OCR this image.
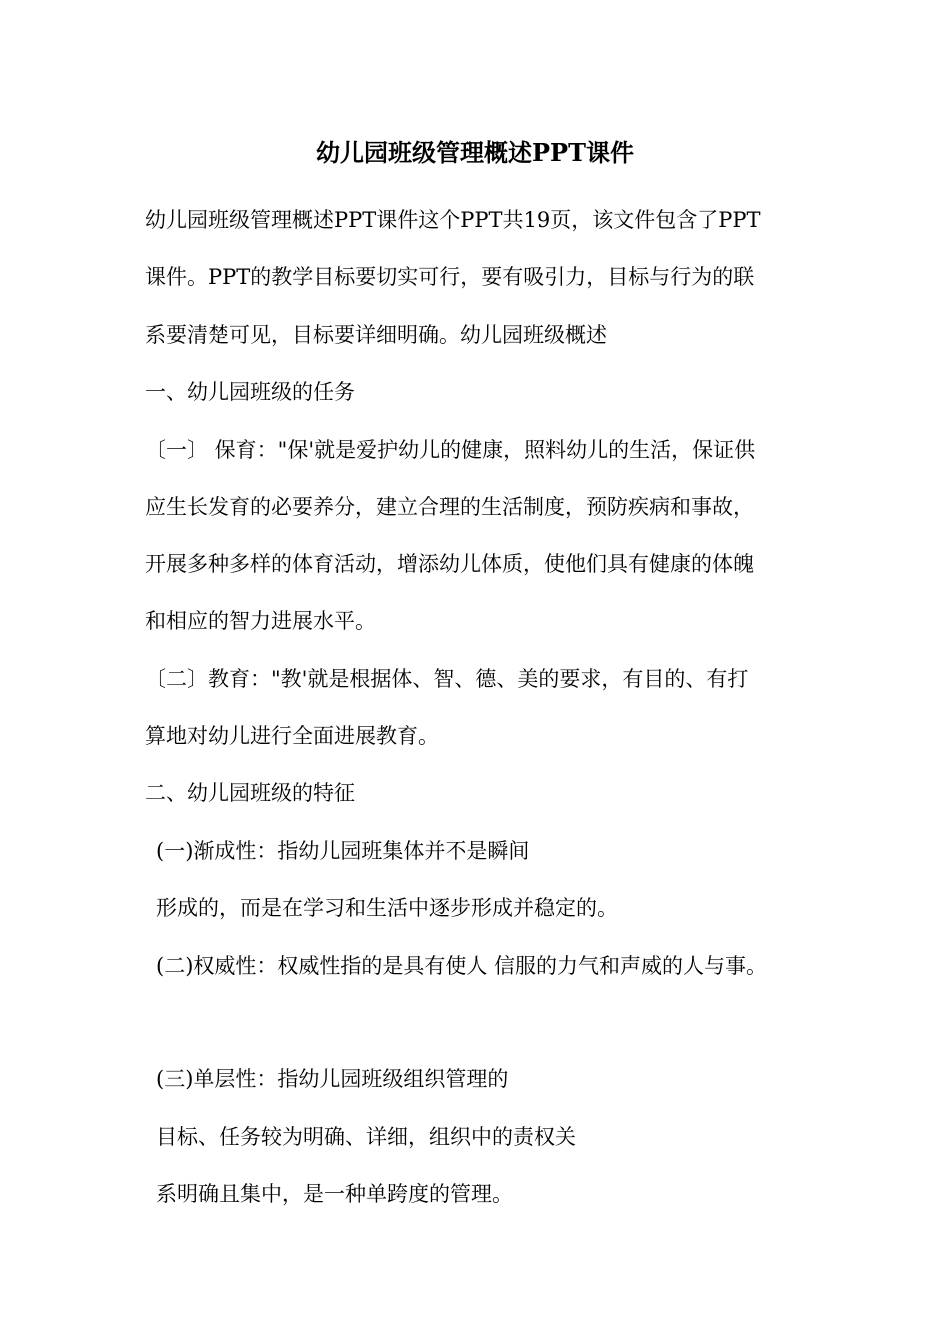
幼儿园班级管理概述PPT课件
幼儿园班级管理概述PPT课件这个PPT共19页，该文件包含了PPT
课件。PPT的教学目标要切实可行，要有吸引力，目标与行为的联
系要清楚可见，目标要详细明确。幼儿园班级概述
一、幼儿园班级的任务
〔一〕 保育："保'就是爱护幼儿的健康，照料幼儿的生活，保证供
应生长发育的必要养分，建立合理的生活制度，预防疾病和事故，
开展多种多样的体育活动，增添幼儿体质，使他们具有健康的体魄
和相应的智力进展水平。
〔二〕教育："教'就是根据体、智、德、美的要求，有目的、有打
算地对幼儿进行全面进展教育。
二、幼儿园班级的特征
(一)渐成性：指幼儿园班集体并不是瞬间
形成的，而是在学习和生活中逐步形成并稳定的。
(二)权威性：权威性指的是具有使人 信服的力气和声威的人与事。
(三)单层性：指幼儿园班级组织管理的
目标、任务较为明确、详细，组织中的责权关
系明确且集中，是一种单跨度的管理。
